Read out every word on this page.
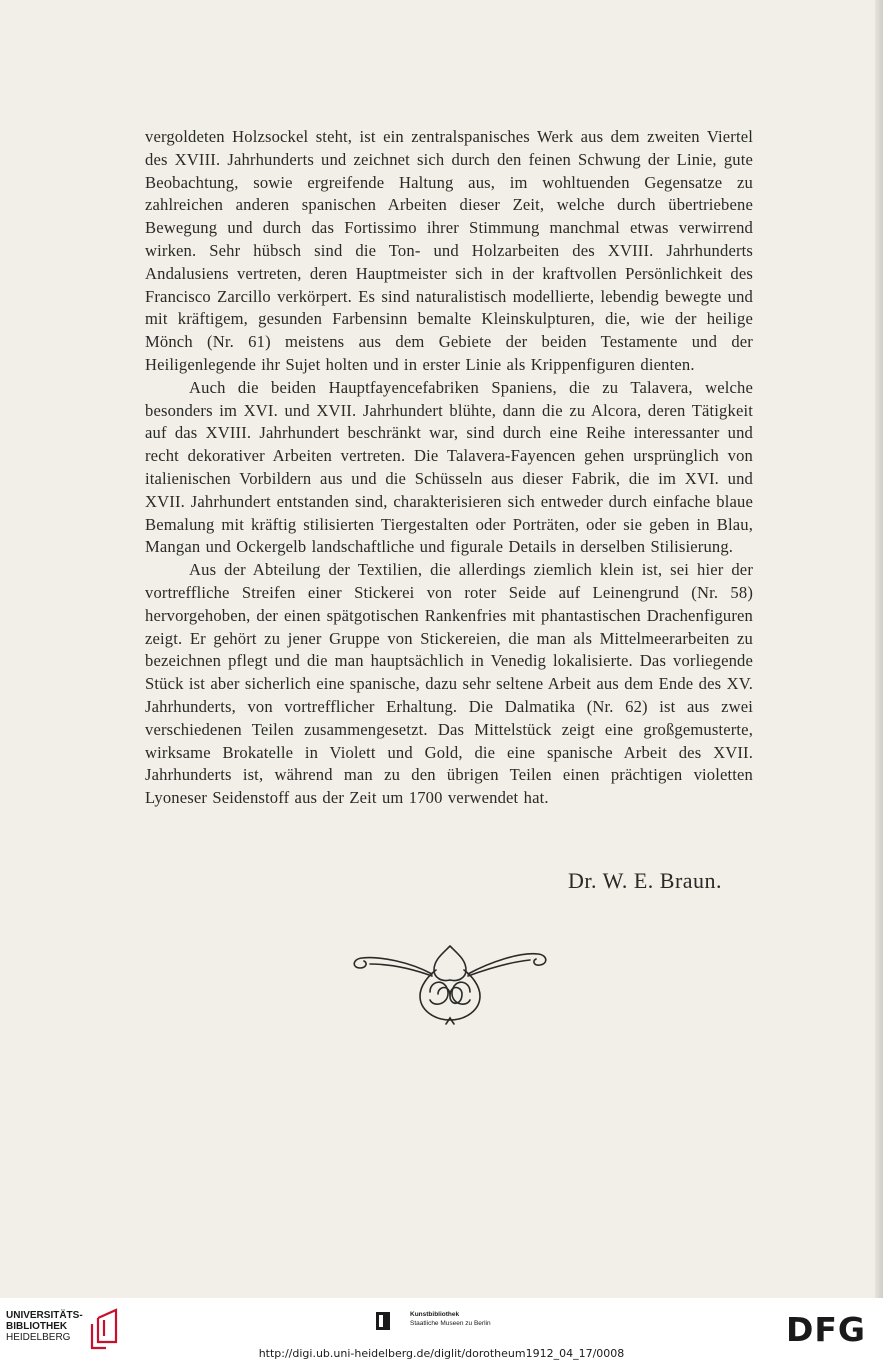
vergoldeten Holzsockel steht, ist ein zentralspanisches Werk aus dem zweiten Viertel des XVIII. Jahrhunderts und zeichnet sich durch den feinen Schwung der Linie, gute Beobachtung, sowie ergreifende Haltung aus, im wohltuenden Gegensatze zu zahlreichen anderen spanischen Arbeiten dieser Zeit, welche durch übertriebene Bewegung und durch das Fortissimo ihrer Stimmung manchmal etwas verwirrend wirken. Sehr hübsch sind die Ton- und Holzarbeiten des XVIII. Jahrhunderts Andalusiens vertreten, deren Hauptmeister sich in der kraftvollen Persönlichkeit des Francisco Zarcillo verkörpert. Es sind naturalistisch modellierte, lebendig bewegte und mit kräftigem, gesunden Farbensinn bemalte Kleinskulpturen, die, wie der heilige Mönch (Nr. 61) meistens aus dem Gebiete der beiden Testamente und der Heiligenlegende ihr Sujet holten und in erster Linie als Krippenfiguren dienten.

Auch die beiden Hauptfayencefabriken Spaniens, die zu Talavera, welche besonders im XVI. und XVII. Jahrhundert blühte, dann die zu Alcora, deren Tätigkeit auf das XVIII. Jahrhundert beschränkt war, sind durch eine Reihe interessanter und recht dekorativer Arbeiten vertreten. Die Talavera-Fayencen gehen ursprünglich von italienischen Vorbildern aus und die Schüsseln aus dieser Fabrik, die im XVI. und XVII. Jahrhundert entstanden sind, charakterisieren sich entweder durch einfache blaue Bemalung mit kräftig stilisierten Tiergestalten oder Porträten, oder sie geben in Blau, Mangan und Ockergelb landschaftliche und figurale Details in derselben Stilisierung.

Aus der Abteilung der Textilien, die allerdings ziemlich klein ist, sei hier der vortreffliche Streifen einer Stickerei von roter Seide auf Leinengrund (Nr. 58) hervorgehoben, der einen spätgotischen Rankenfries mit phantastischen Drachenfiguren zeigt. Er gehört zu jener Gruppe von Stickereien, die man als Mittelmeerarbeiten zu bezeichnen pflegt und die man hauptsächlich in Venedig lokalisierte. Das vorliegende Stück ist aber sicherlich eine spanische, dazu sehr seltene Arbeit aus dem Ende des XV. Jahrhunderts, von vortrefflicher Erhaltung. Die Dalmatika (Nr. 62) ist aus zwei verschiedenen Teilen zusammengesetzt. Das Mittelstück zeigt eine großgemusterte, wirksame Brokatelle in Violett und Gold, die eine spanische Arbeit des XVII. Jahrhunderts ist, während man zu den übrigen Teilen einen prächtigen violetten Lyoneser Seidenstoff aus der Zeit um 1700 verwendet hat.

Dr. W. E. Braun.
UNIVERSITÄTS-
BIBLIOTHEK
HEIDELBERG
Kunstbibliothek
Staatliche Museen zu Berlin	DFG
http://digi.ub.uni-heidelberg.de/diglit/dorotheum1912_04_17/0008
